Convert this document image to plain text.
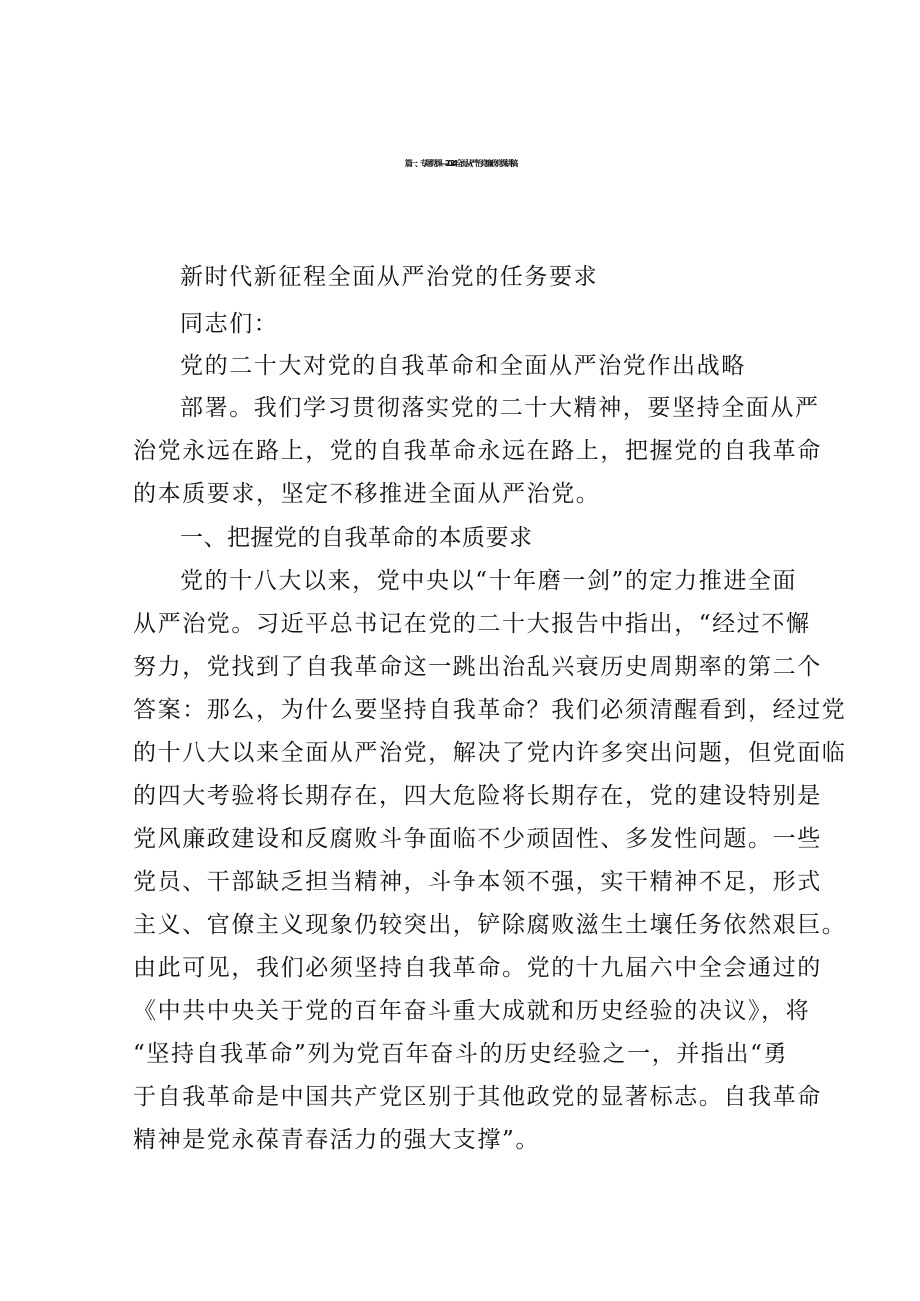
篇一、专题党课—2024全面从严治党廉政党课讲稿
新时代新征程全面从严治党的任务要求
同志们：
党的二十大对党的自我革命和全面从严治党作出战略
部署。我们学习贯彻落实党的二十大精神，要坚持全面从严
治党永远在路上，党的自我革命永远在路上，把握党的自我革命
的本质要求，坚定不移推进全面从严治党。
一、把握党的自我革命的本质要求
党的十八大以来，党中央以“十年磨一剑”的定力推进全面
从严治党。习近平总书记在党的二十大报告中指出，“经过不懈
努力，党找到了自我革命这一跳出治乱兴衰历史周期率的第二个
答案：那么，为什么要坚持自我革命？我们必须清醒看到，经过党
的十八大以来全面从严治党，解决了党内许多突出问题，但党面临
的四大考验将长期存在，四大危险将长期存在，党的建设特别是
党风廉政建设和反腐败斗争面临不少顽固性、多发性问题。一些
党员、干部缺乏担当精神，斗争本领不强，实干精神不足，形式
主义、官僚主义现象仍较突出，铲除腐败滋生土壤任务依然艰巨。
由此可见，我们必须坚持自我革命。党的十九届六中全会通过的
《中共中央关于党的百年奋斗重大成就和历史经验的决议》，将
“坚持自我革命”列为党百年奋斗的历史经验之一，并指出“勇
于自我革命是中国共产党区别于其他政党的显著标志。自我革命
精神是党永葆青春活力的强大支撑”。
